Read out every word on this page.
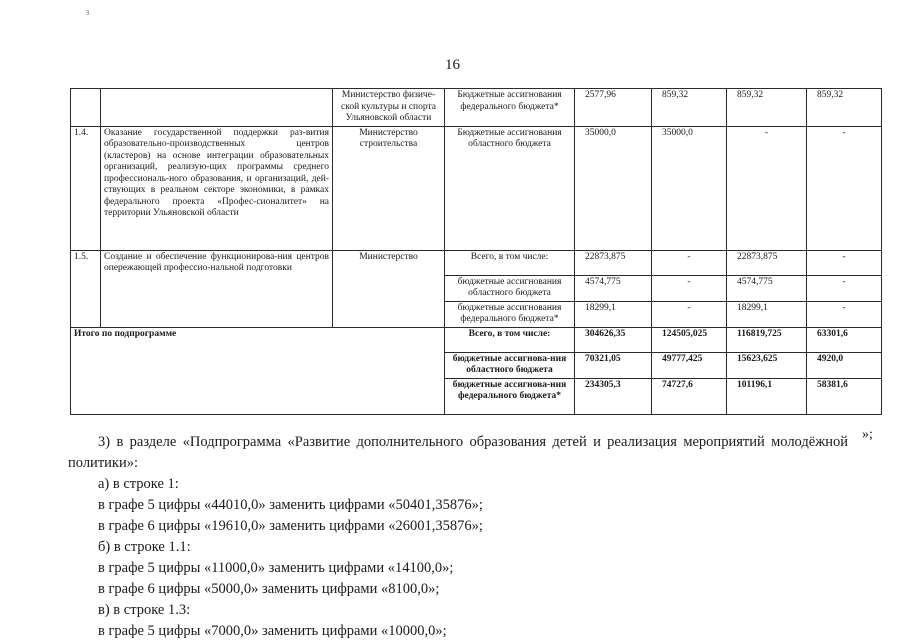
з
16
		Министерство физиче-ской культуры и спорта Ульяновской области	Бюджетные ассигнования федерального бюджета*	2577,96	859,32	859,32	859,32
1.4.	Оказание государственной поддержки раз-вития образовательно-производственных центров (кластеров) на основе интеграции образовательных организаций, реализую-щих программы среднего профессиональ-ного образования, и организаций, дей-ствующих в реальном секторе экономики, в рамках федерального проекта «Профес-сионалитет» на территории Ульяновской области	Министерство строительства	Бюджетные ассигнования областного бюджета	35000,0	35000,0	-	-
1.5.	Создание и обеспечение функционирова-ния центров опережающей профессио-нальной подготовки	Министерство	Всего, в том числе:	22873,875	-	22873,875	-
			бюджетные ассигнования областного бюджета	4574,775	-	4574,775	-
			бюджетные ассигнования федерального бюджета*	18299,1	-	18299,1	-
Итого по подпрограмме			Всего, в том числе:	304626,35	124505,025	116819,725	63301,6
			бюджетные ассигнова-ния областного бюджета	70321,05	49777,425	15623,625	4920,0
			бюджетные ассигнова-ния федерального бюджета*	234305,3	74727,6	101196,1	58381,6
»;

3) в разделе «Подпрограмма «Развитие дополнительного образования детей и реализация мероприятий молодёжной политики»:

а) в строке 1:

в графе 5 цифры «44010,0» заменить цифрами «50401,35876»;

в графе 6 цифры «19610,0» заменить цифрами «26001,35876»;

б) в строке 1.1:

в графе 5 цифры «11000,0» заменить цифрами «14100,0»;

в графе 6 цифры «5000,0» заменить цифрами «8100,0»;

в) в строке 1.3:

в графе 5 цифры «7000,0» заменить цифрами «10000,0»;
